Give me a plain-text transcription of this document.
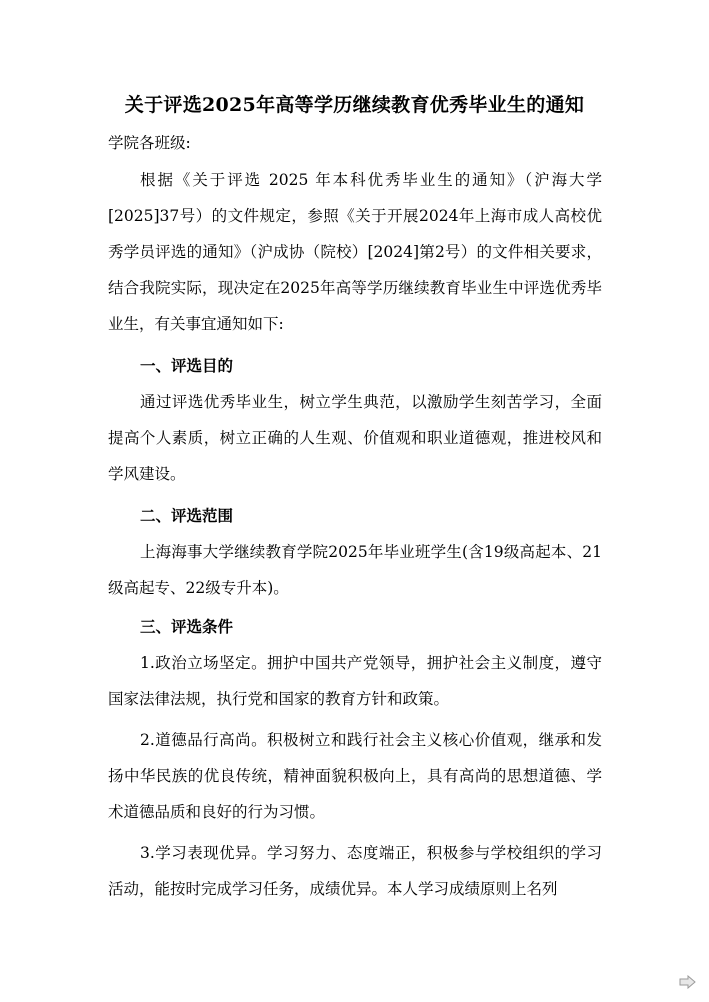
关于评选2025年高等学历继续教育优秀毕业生的通知
学院各班级:

根据《关于评选 2025 年本科优秀毕业生的通知》（沪海大学[2025]37号）的文件规定，参照《关于开展2024年上海市成人高校优秀学员评选的通知》（沪成协（院校）[2024]第2号）的文件相关要求，结合我院实际，现决定在2025年高等学历继续教育毕业生中评选优秀毕业生，有关事宜通知如下:

一、评选目的

通过评选优秀毕业生，树立学生典范，以激励学生刻苦学习，全面提高个人素质，树立正确的人生观、价值观和职业道德观，推进校风和学风建设。

二、评选范围

上海海事大学继续教育学院2025年毕业班学生(含19级高起本、21级高起专、22级专升本)。

三、评选条件

1.政治立场坚定。拥护中国共产党领导，拥护社会主义制度，遵守国家法律法规，执行党和国家的教育方针和政策。

2.道德品行高尚。积极树立和践行社会主义核心价值观，继承和发扬中华民族的优良传统，精神面貌积极向上，具有高尚的思想道德、学术道德品质和良好的行为习惯。

3.学习表现优异。学习努力、态度端正，积极参与学校组织的学习活动，能按时完成学习任务，成绩优异。本人学习成绩原则上名列
